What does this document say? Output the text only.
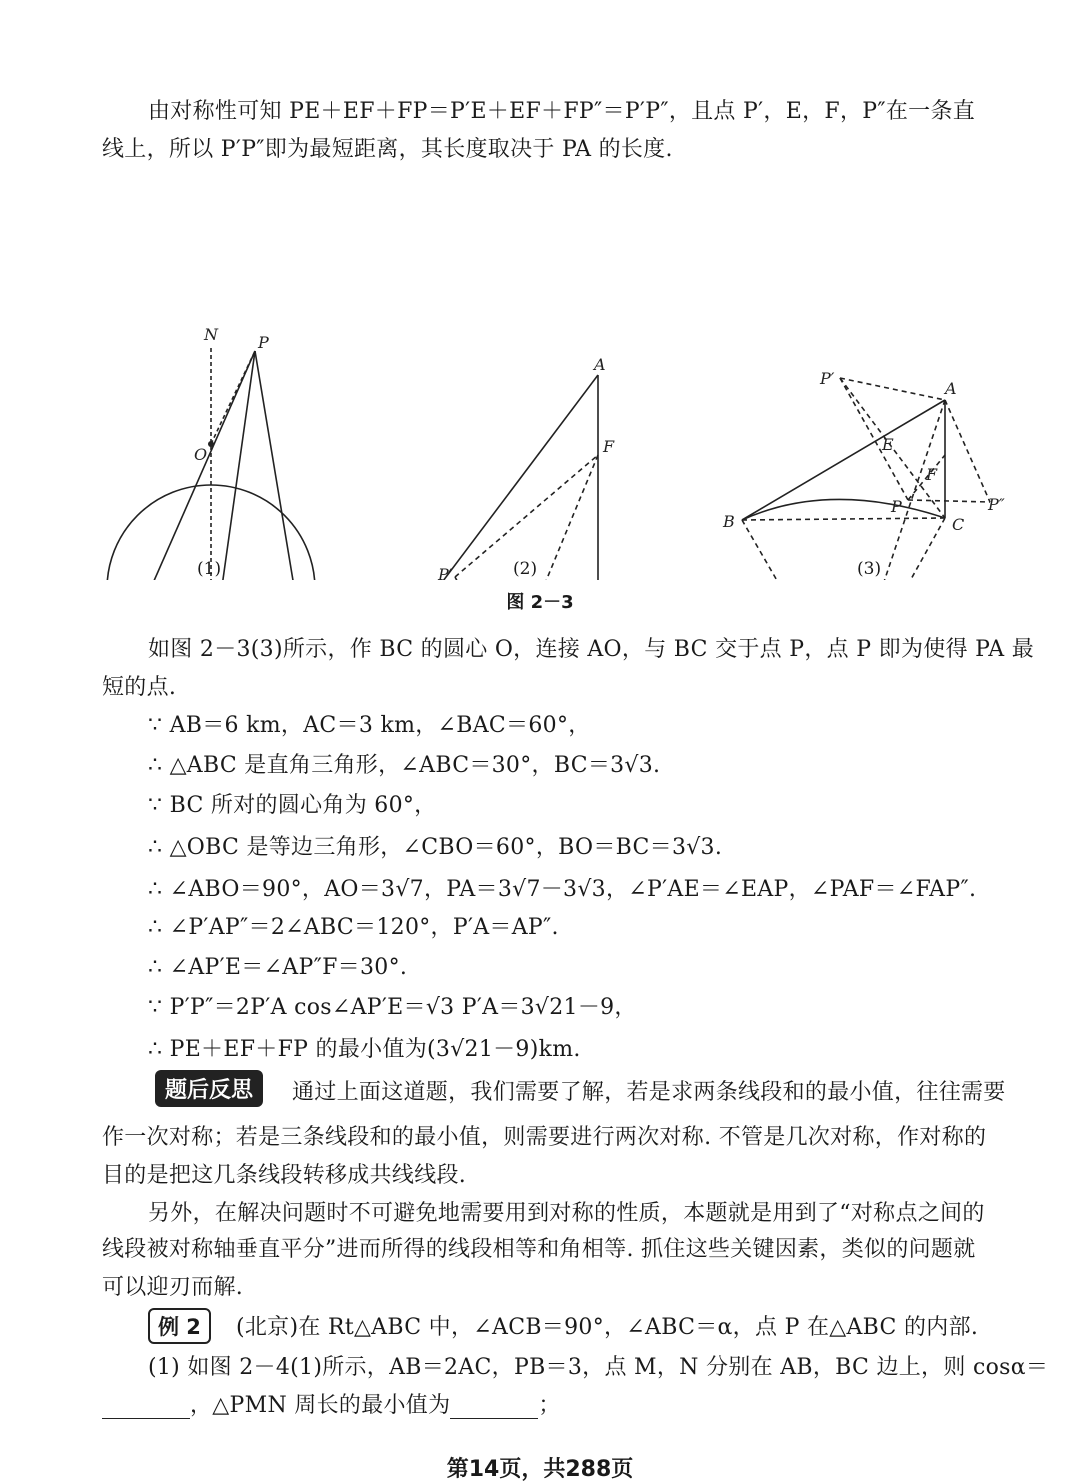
由对称性可知 PE＋EF＋FP＝P′E＋EF＋FP″＝P′P″，且点 P′，E，F，P″在一条直
线上，所以 P′P″即为最短距离，其长度取决于 PA 的长度.
N	P
O
P′
A
F
P′
A
E
F
P	P″
B	C
(1)	(2)	(3)
图 2－3
如图 2－3(3)所示，作 BC 的圆心 O，连接 AO，与 BC 交于点 P，点 P 即为使得 PA 最
短的点.
∵ AB＝6 km，AC＝3 km，∠BAC＝60°，
∴ △ABC 是直角三角形，∠ABC＝30°，BC＝3√3.
∵ BC 所对的圆心角为 60°，
∴ △OBC 是等边三角形，∠CBO＝60°，BO＝BC＝3√3.
∴ ∠ABO＝90°，AO＝3√7，PA＝3√7－3√3，∠P′AE＝∠EAP，∠PAF＝∠FAP″.
∴ ∠P′AP″＝2∠ABC＝120°，P′A＝AP″.
∴ ∠AP′E＝∠AP″F＝30°.
∵ P′P″＝2P′A cos∠AP′E＝√3 P′A＝3√21－9，
∴ PE＋EF＋FP 的最小值为(3√21－9)km.
题后反思	通过上面这道题，我们需要了解，若是求两条线段和的最小值，往往需要
作一次对称；若是三条线段和的最小值，则需要进行两次对称. 不管是几次对称，作对称的
目的是把这几条线段转移成共线线段.
另外，在解决问题时不可避免地需要用到对称的性质，本题就是用到了“对称点之间的
线段被对称轴垂直平分”进而所得的线段相等和角相等. 抓住这些关键因素，类似的问题就
可以迎刃而解.
例 2	(北京)在 Rt△ABC 中，∠ACB＝90°，∠ABC＝α，点 P 在△ABC 的内部.
(1) 如图 2－4(1)所示，AB＝2AC，PB＝3，点 M，N 分别在 AB，BC 边上，则 cosα＝
，△PMN 周长的最小值为	；
第14页，共288页
